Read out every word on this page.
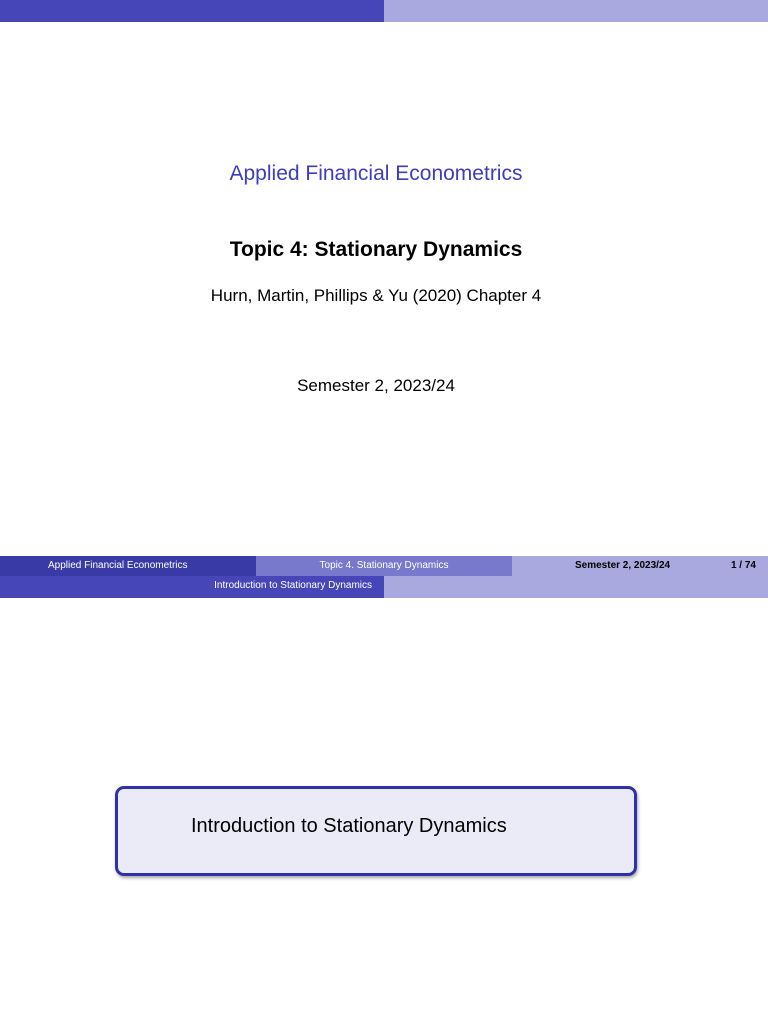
Applied Financial Econometrics
Topic 4: Stationary Dynamics
Hurn, Martin, Phillips & Yu (2020) Chapter 4
Semester 2, 2023/24
Applied Financial Econometrics	Topic 4. Stationary Dynamics	Semester 2, 2023/24	1 / 74
Introduction to Stationary Dynamics
Introduction to Stationary Dynamics
